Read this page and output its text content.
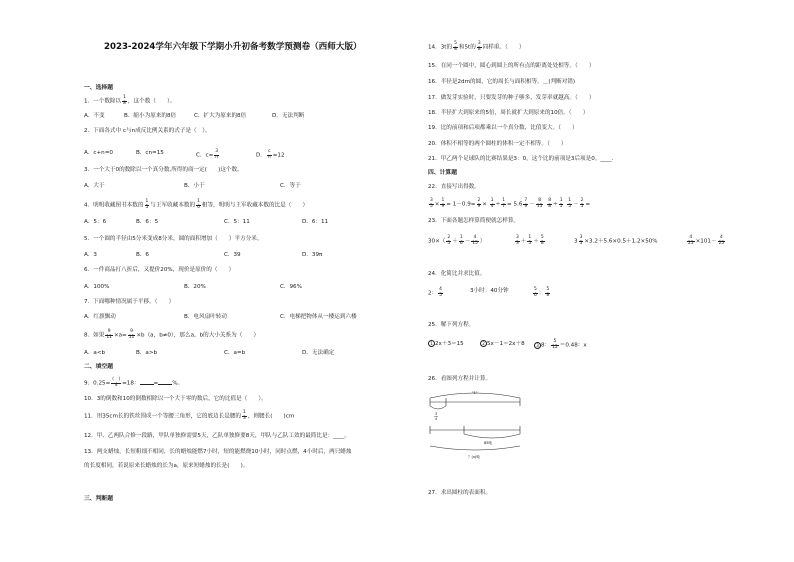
2023-2024学年六年级下学期小升初备考数学预测卷（西师大版）
一、选择题
1．一个数除以 $\frac{1}{8}$ ，这个数（　　）。
A．不变	B．缩小为原来的8倍	C．扩大为原来的8倍	D．无法判断
2．下面各式中 c与n成反比例关系的式子是（　）。
A．c+n=0	B．cn=15	C．$c= \frac{3}{n}$	D． $\frac{c}{n} =12$
3．一个大于0的数除以一个真分数,所得的商一定(　　)这个数。
A．大于	B．小于	C．等于
4．明明收藏图书本数的 $\frac{1}{5}$ 与王军收藏本数的 $\frac{1}{6}$ 相等，明明与王军收藏本数的比是（　　）
A．5：6	B．6：5	C．5：11	D．6：11
5．一个圆的半径由5分米变成8分米，圆的面积增加（　　）平方分米。
A．3	B．6	C．39	D．39π
6．一件商品打八折后，又提价20%，现价是原价的（　　）
A．100%	B．20%	C．96%
7．下面哪种情况属于平移。（　　）
A．红旗飘动	B．电风扇叶转动	C．电梯把物体从一楼运到六楼
8．如果 $\frac{9}{11} \times a= \frac{9}{11} \times b(a$，b≠0），那么a，b的大小关系为（　　）
A．a<b	B．a>b	C．a=b	D．无法确定
二、填空题
9．$0.25= \frac{( )}{4} =18$：	=	%。
10．3的倒数和10的倒数相除以一个大于零的数后，它的比值是（　　）。
11．用35cm长的铁丝围成一个等腰三角形，它的底边长是腰的 $\frac{1}{3}$ ，则腰长(　　)cm
12．甲、乙两队合修一段路，甲队单独修需要5天，乙队单独修要8天，甲队与乙队工效的最简比是：____。
13．两支蜡烛，长短粗细不相同，长的蜡烛能燃7小时，短的能燃烧10小时，同时点燃，4小时后，两只蜡烛
的长度相同，若说原来长蜡烛的长为a，原来短蜡烛的长是(　　)。
三、判断题
14．3t的 $\frac{5}{8}$ 和5t的 $\frac{3}{8}$ 同样重。（　　）
15．在同一个圆中，圆心到圆上的所有点的距离处处相等。（　　）
16．半径是2dm的圆，它的周长与面积相等。＿(判断对错)
17．做发芽实验时，只要发芽的种子够多，发芽率就越高。（　　）
18．半径扩大到原来的5倍，周长就扩大到原来的10倍。（　　）
19．比的前项和后项都乘以一个真分数，比值变大。（　　）
20．体积不相等的两个圆柱的体积一定不相等。（　　）
21．甲乙两个足球队的比赛结果是3：0，这个比的前项是3后项是0。____．
四、计算题
22．直接写出得数。
$\frac{3}{5} \times \frac{1}{9} = 1-0.9= \frac{2}{9} \times \frac{1}{4} \div \frac{1}{7} = 5.6 \frac{7}{9} - \frac{8}{15}$
$\frac{8}{8} \div \frac{1}{5}$
$\frac{1}{5} - \frac{2}{5}$ =
23．下面各题怎样算简便就怎样算。
$30\times( \frac{2}{5} + \frac{1}{6} - \frac{4}{15}$ ）	$\frac{3}{3} + \frac{1}{5} + \frac{5}{8}$	$3 \frac{3}{5} \times 3.2+5.6\times 0.5+1.2\times 50\%$	$\frac{4}{25} \times 101- \frac{4}{25}$
24．化简比并求比值。
2： $\frac{4}{5}$	3小时：40分钟	$\frac{5}{6}$ ： $\frac{5}{8}$
25．解下列方程。
1 2x＋3＝15	2 5x－1＝2x＋8	3 8： $\frac{5}{12} =0.48$：x
26．看图列方程并计算。
"1"
3
4
85吨
？(x)吨
27．求出圆柱的表面积。
